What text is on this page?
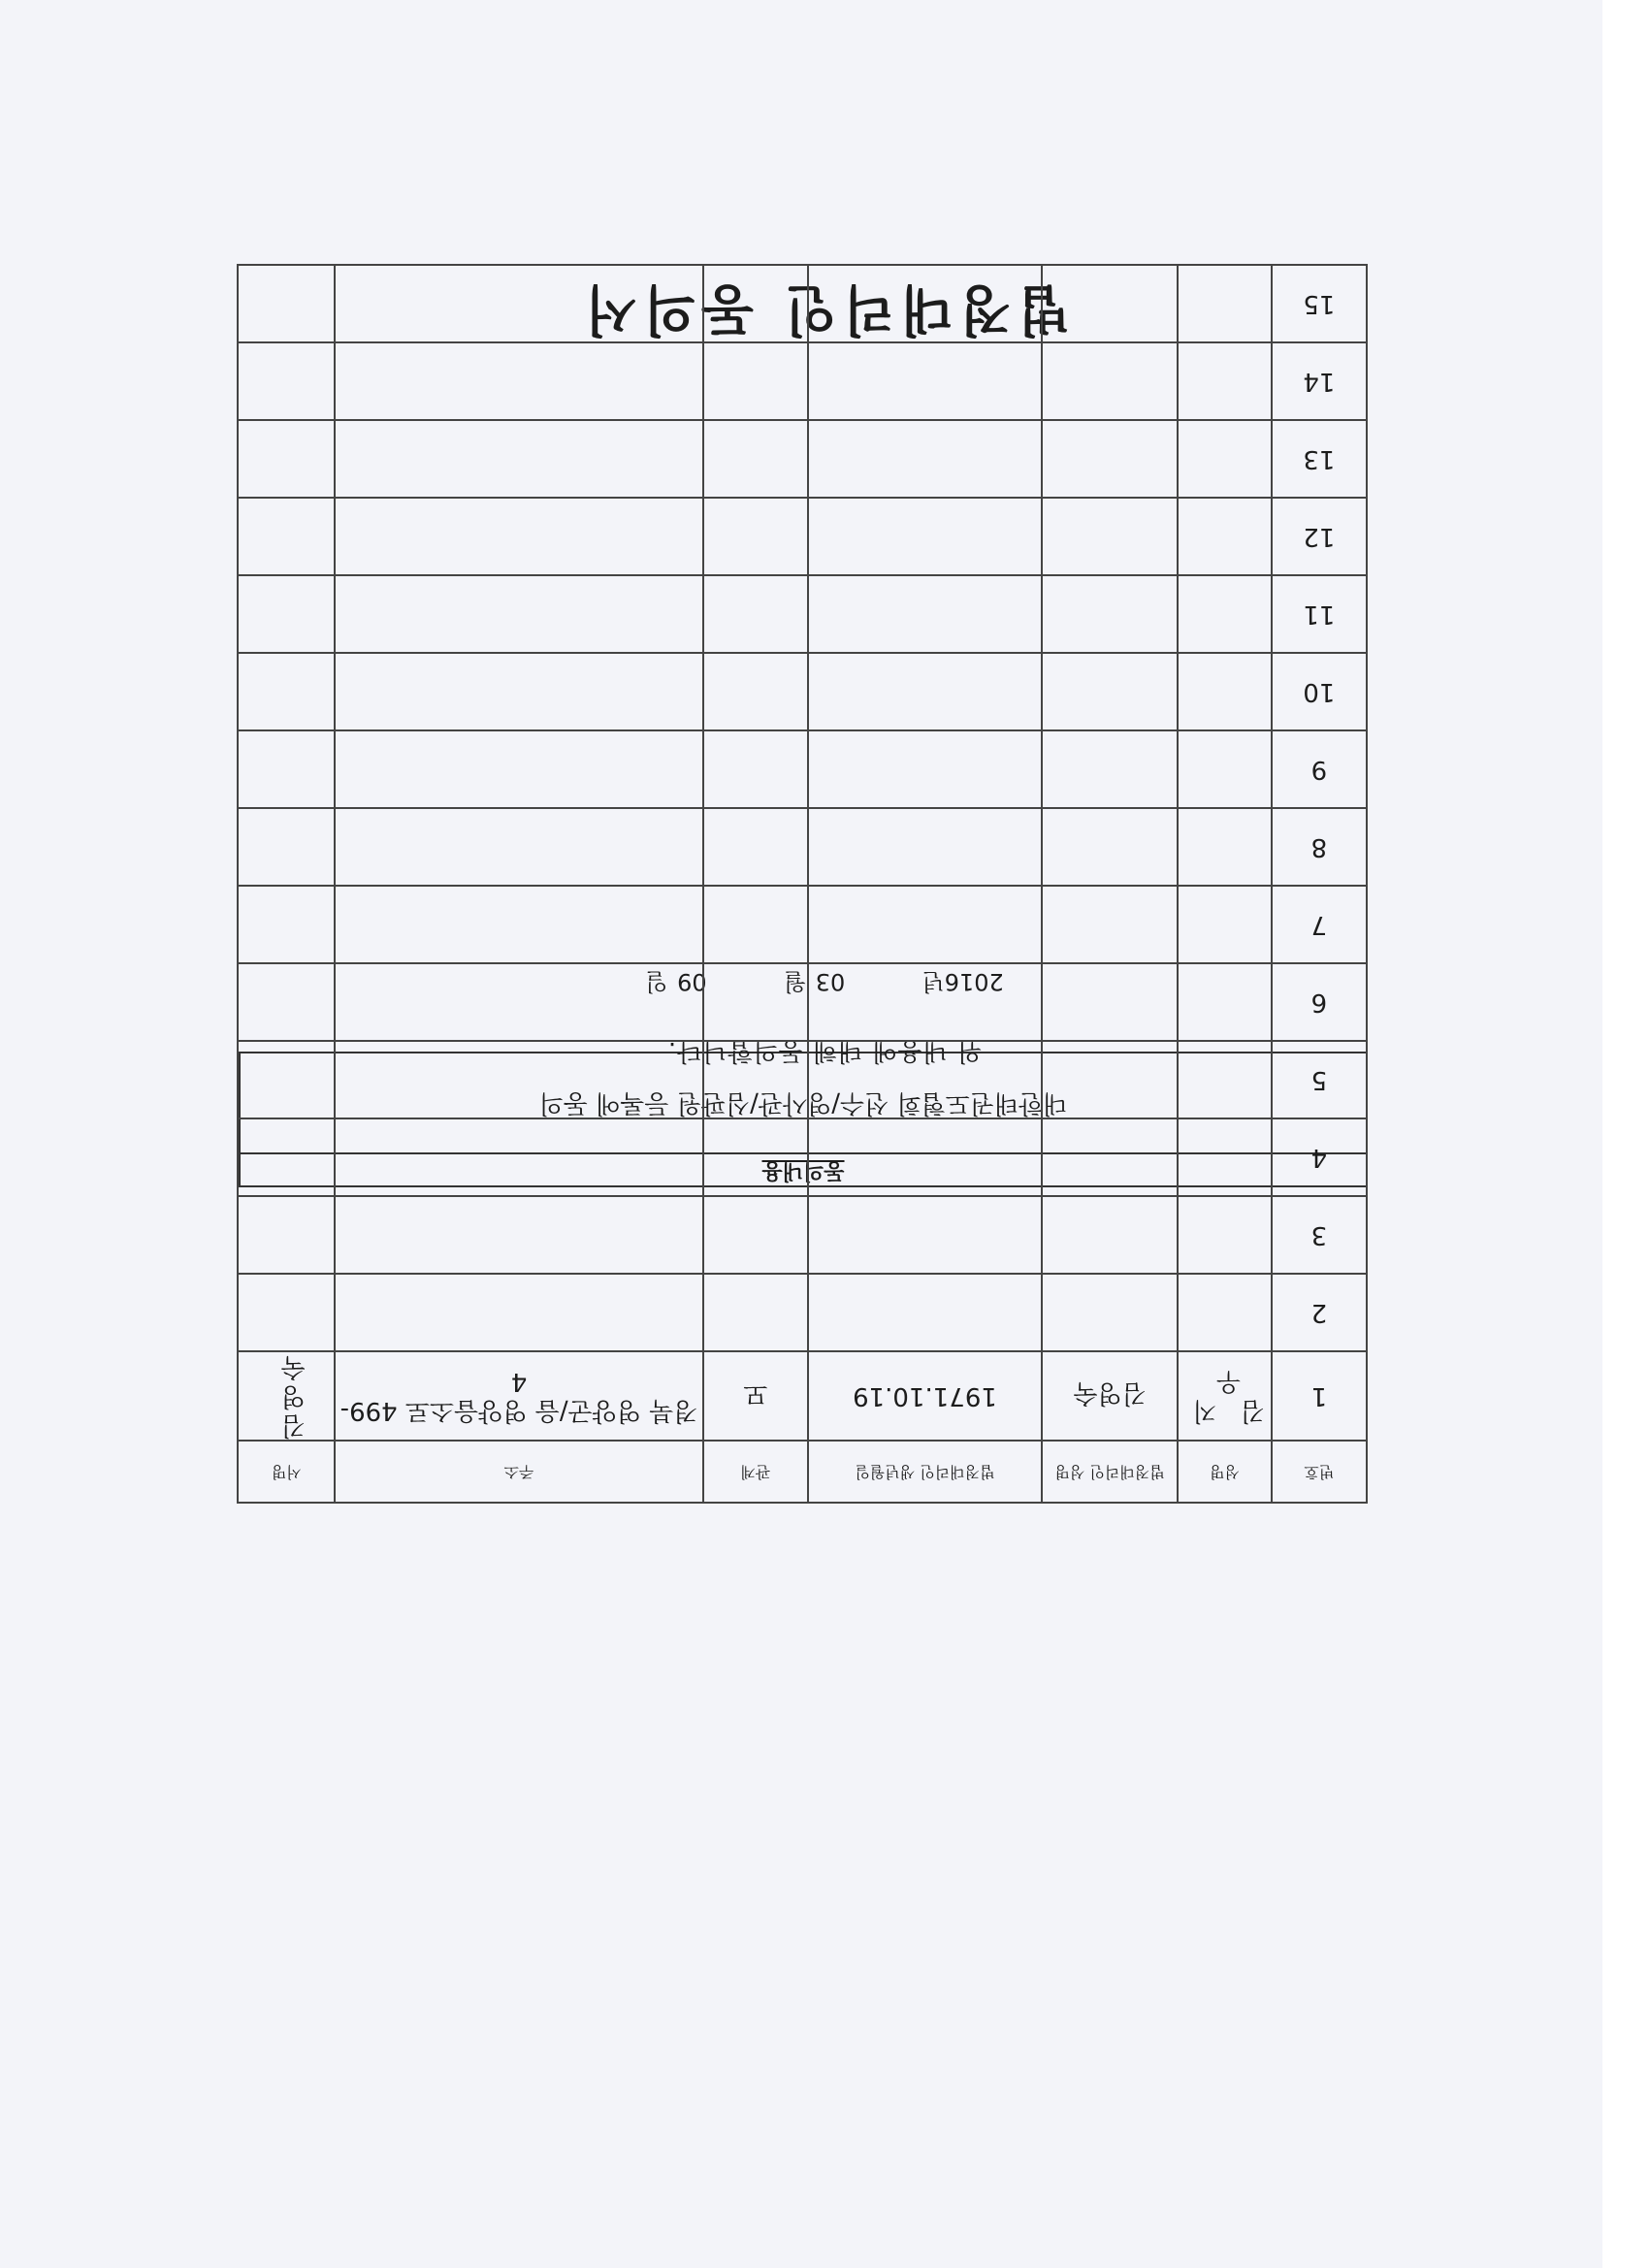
법정대리인 동의서
동의내용
대한태권도협회 선수/영사관/심판원 등록에 동의
위 내용에 대해 동의합니다.
2016년  03 월  09 일
번호	성명	법정대리인 성명	법정대리인 생년월일	관계	주소	서명
1	김 지 우	김영숙	1971.10.19	모	경북 영양군/읍 영양읍소로 499-4	김 영 숙
2						
3						
4						
5						
6						
7						
8						
9						
10						
11						
12						
13						
14						
15						
